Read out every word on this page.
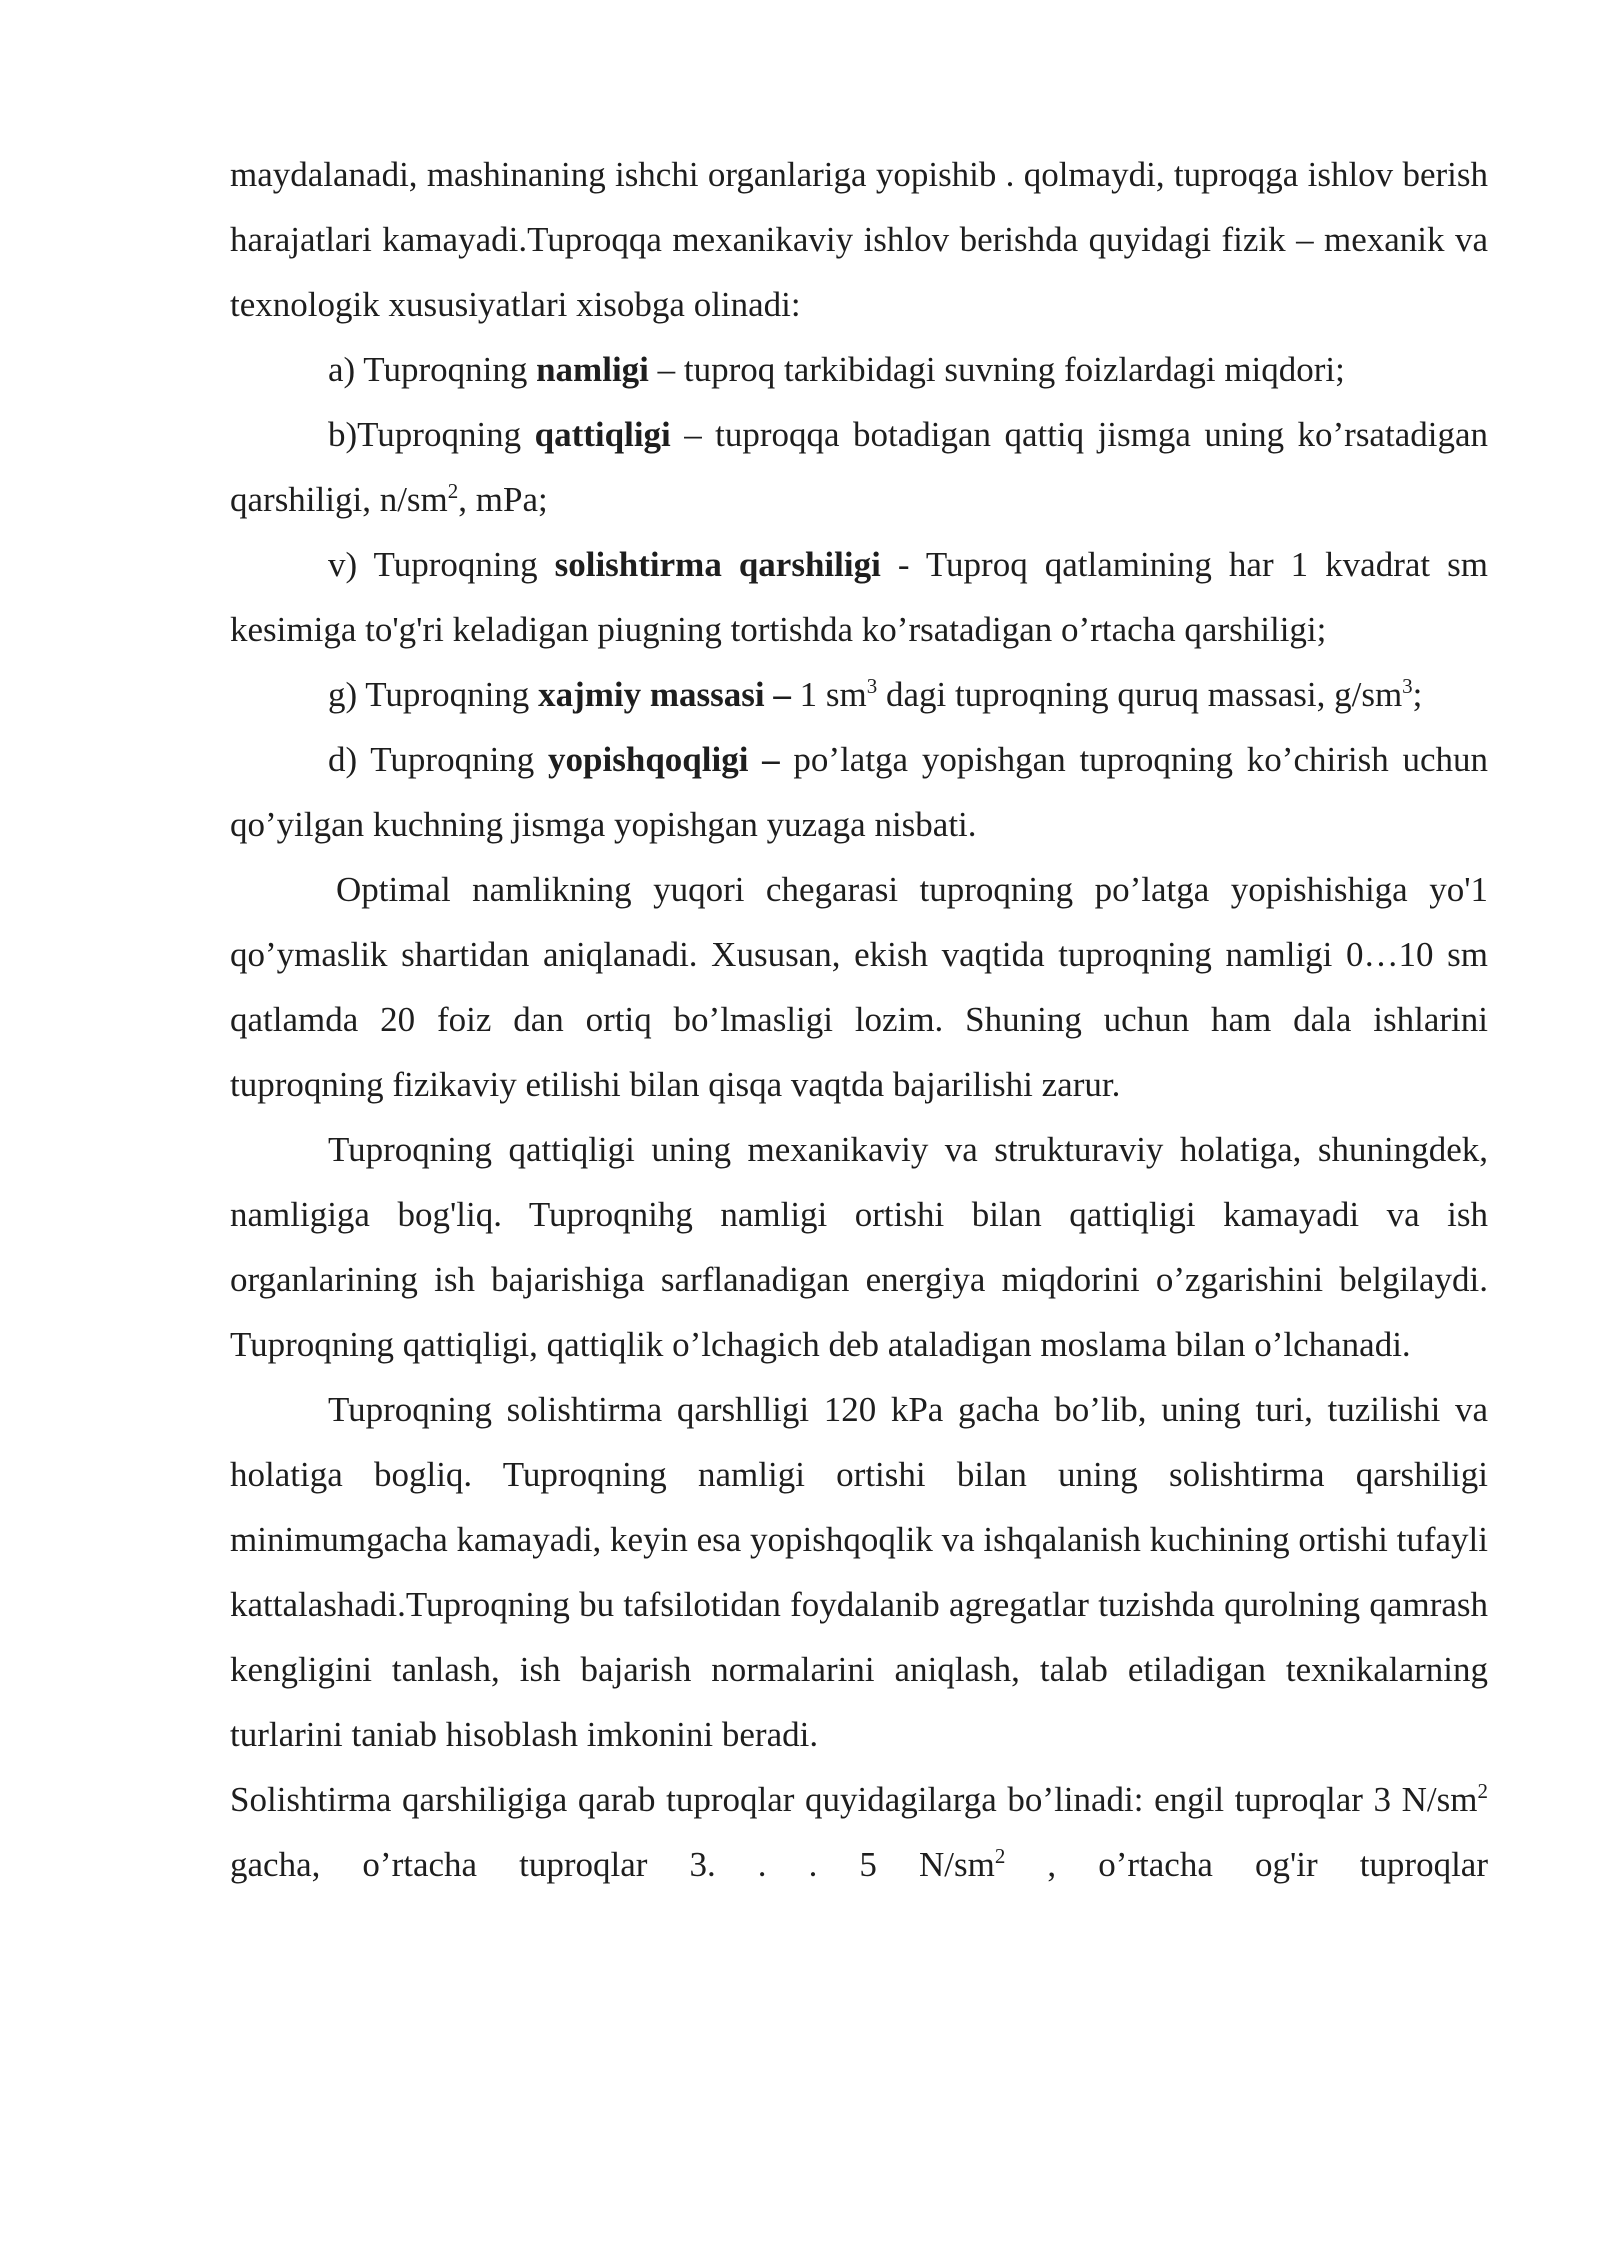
maydalanadi, mashinaning ishchi organlariga yopishib . qolmaydi, tuproqga ishlov berish harajatlari kamayadi.Tuproqqa mexanikaviy ishlov berishda quyidagi fizik – mexanik va texnologik xususiyatlari xisobga olinadi:

a) Tuproqning namligi – tuproq tarkibidagi suvning foizlardagi miqdori;

b)Tuproqning qattiqligi – tuproqqa botadigan qattiq jismga uning ko’rsatadigan qarshiligi, $n/sm^2$, mPa;

v) Tuproqning solishtirma qarshiligi - Tuproq qatlamining har 1 kvadrat sm kesimiga to'g'ri keladigan piugning tortishda ko’rsatadigan o’rtacha qarshiligi;

g) Tuproqning xajmiy massasi – 1 $sm^3$ dagi tuproqning quruq massasi, $g/sm^3$;

d) Tuproqning yopishqoqligi – po’latga yopishgan tuproqning ko’chirish uchun qo’yilgan kuchning jismga yopishgan yuzaga nisbati.

Optimal namlikning yuqori chegarasi tuproqning po’latga yopishishiga yo'1 qo’ymaslik shartidan aniqlanadi. Xususan, ekish vaqtida tuproqning namligi 0…10 sm qatlamda 20 foiz dan ortiq bo’lmasligi lozim. Shuning uchun ham dala ishlarini tuproqning fizikaviy etilishi bilan qisqa vaqtda bajarilishi zarur.

Tuproqning qattiqligi uning mexanikaviy va strukturaviy holatiga, shuningdek, namligiga bog'liq. Tuproqnihg namligi ortishi bilan qattiqligi kamayadi va ish organlarining ish bajarishiga sarflanadigan energiya miqdorini o’zgarishini belgilaydi. Tuproqning qattiqligi, qattiqlik o’lchagich deb ataladigan moslama bilan o’lchanadi.

Tuproqning solishtirma qarshlligi 120 kPa gacha bo’lib, uning turi, tuzilishi va holatiga bogliq. Tuproqning namligi ortishi bilan uning solishtirma qarshiligi minimumgacha kamayadi, keyin esa yopishqoqlik va ishqalanish kuchining ortishi tufayli kattalashadi.Tuproqning bu tafsilotidan foydalanib agregatlar tuzishda qurolning qamrash kengligini tanlash, ish bajarish normalarini aniqlash, talab etiladigan texnikalarning turlarini taniab hisoblash imkonini beradi.

Solishtirma qarshiligiga qarab tuproqlar quyidagilarga bo’linadi: engil tuproqlar 3 $N/sm^2$ gacha, o’rtacha tuproqlar 3. . . 5 $N/sm^2$ , o’rtacha og'ir tuproqlar
